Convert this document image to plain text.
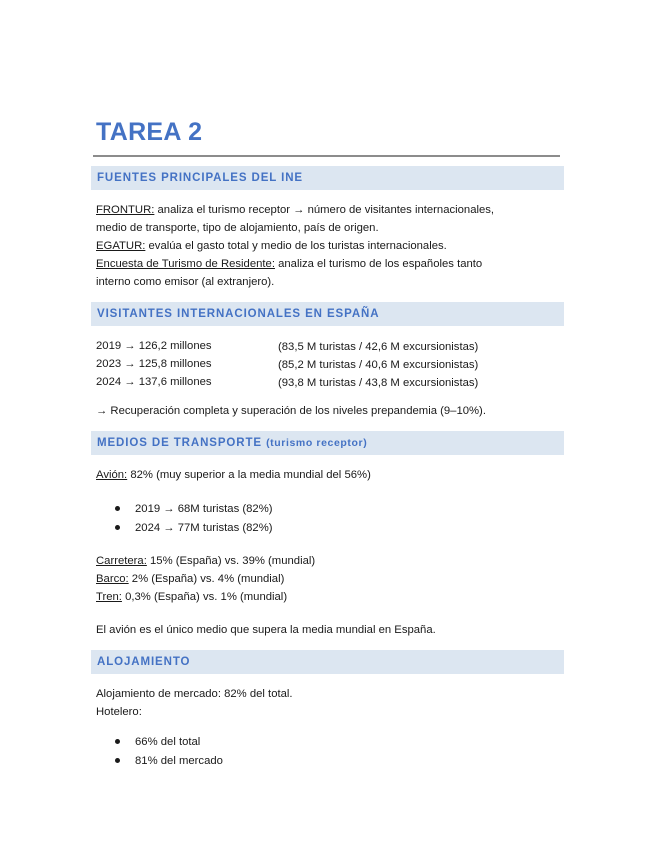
TAREA 2
FUENTES PRINCIPALES DEL INE

FRONTUR: analiza el turismo receptor → número de visitantes internacionales,

medio de transporte, tipo de alojamiento, país de origen.

EGATUR: evalúa el gasto total y medio de los turistas internacionales.

Encuesta de Turismo de Residente: analiza el turismo de los españoles tanto

interno como emisor (al extranjero).

VISITANTES INTERNACIONALES EN ESPAÑA

2019 → 126,2 millones	(83,5 M turistas / 42,6 M excursionistas)

2023 → 125,8 millones	(85,2 M turistas / 40,6 M excursionistas)

2024 → 137,6 millones	(93,8 M turistas / 43,8 M excursionistas)

→ Recuperación completa y superación de los niveles prepandemia (9–10%).

MEDIOS DE TRANSPORTE (turismo receptor)

Avión: 82% (muy superior a la media mundial del 56%)

2019 → 68M turistas (82%)

2024 → 77M turistas (82%)

Carretera: 15% (España) vs. 39% (mundial)

Barco: 2% (España) vs. 4% (mundial)

Tren: 0,3% (España) vs. 1% (mundial)

El avión es el único medio que supera la media mundial en España.

ALOJAMIENTO

Alojamiento de mercado: 82% del total.

Hotelero:

66% del total

81% del mercado
